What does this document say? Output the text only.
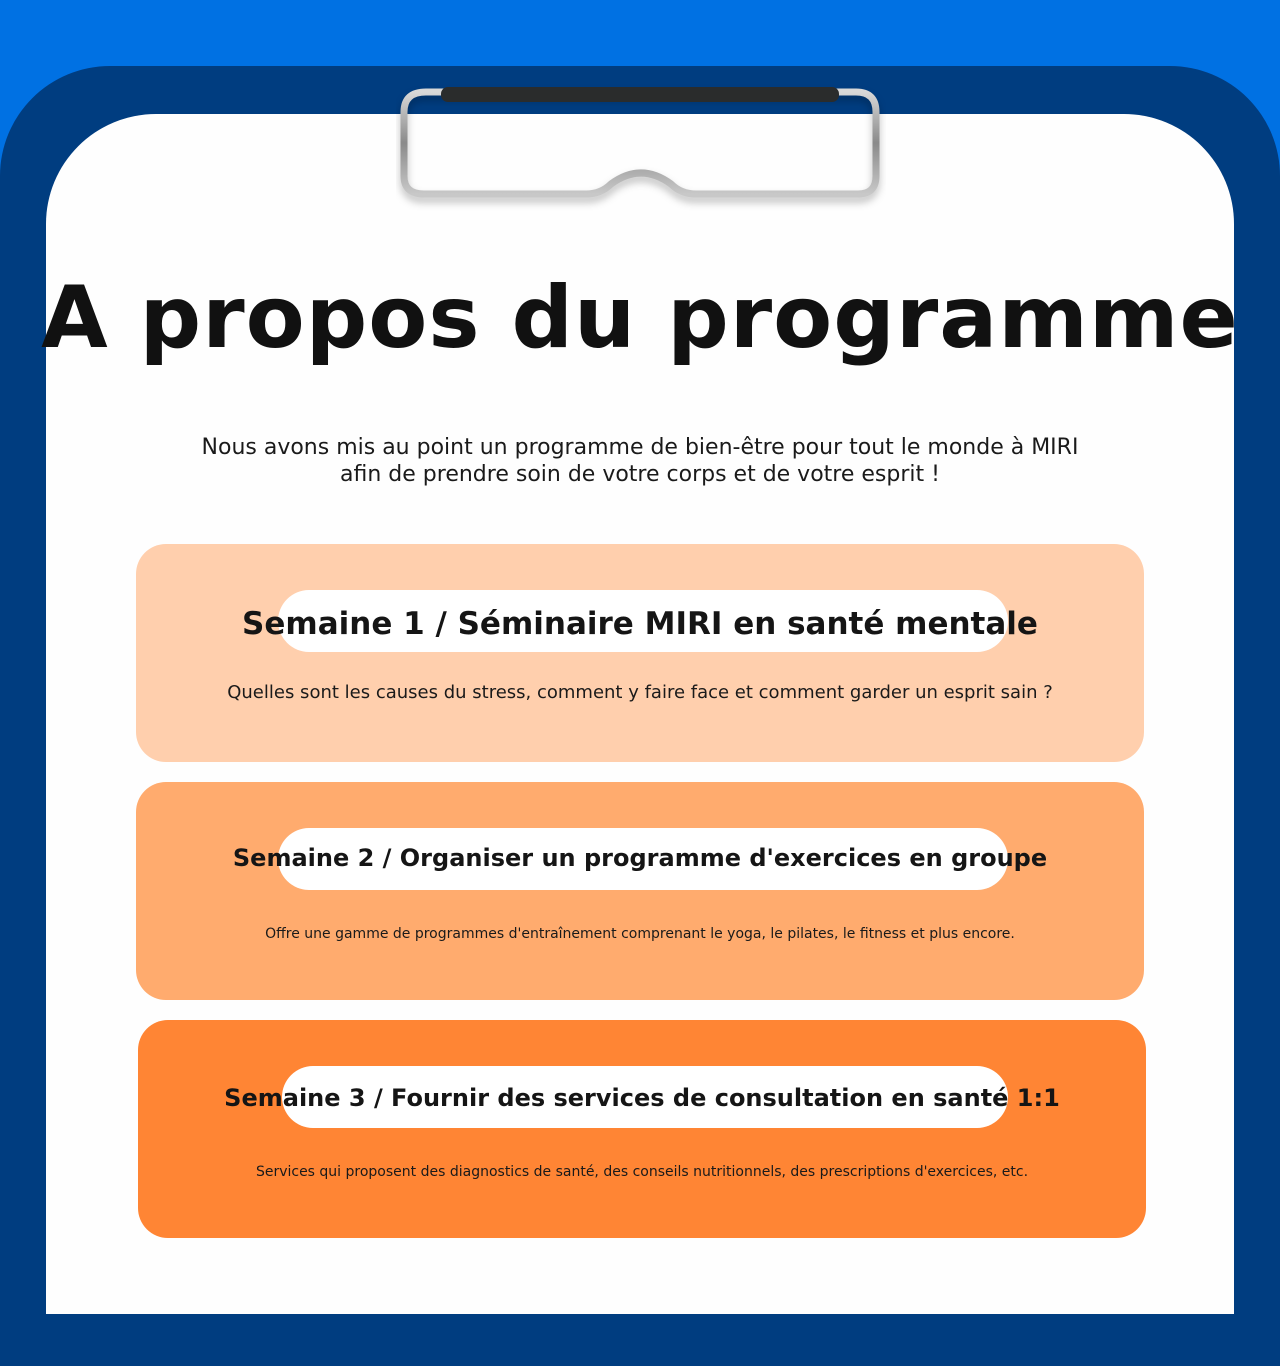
A propos du programme
Nous avons mis au point un programme de bien-être pour tout le monde à MIRI
afin de prendre soin de votre corps et de votre esprit !
Semaine 1 / Séminaire MIRI en santé mentale
Quelles sont les causes du stress, comment y faire face et comment garder un esprit sain ?
Semaine 2 / Organiser un programme d'exercices en groupe
Offre une gamme de programmes d'entraînement comprenant le yoga, le pilates, le fitness et plus encore.
Semaine 3 / Fournir des services de consultation en santé 1:1
Services qui proposent des diagnostics de santé, des conseils nutritionnels, des prescriptions d'exercices, etc.
